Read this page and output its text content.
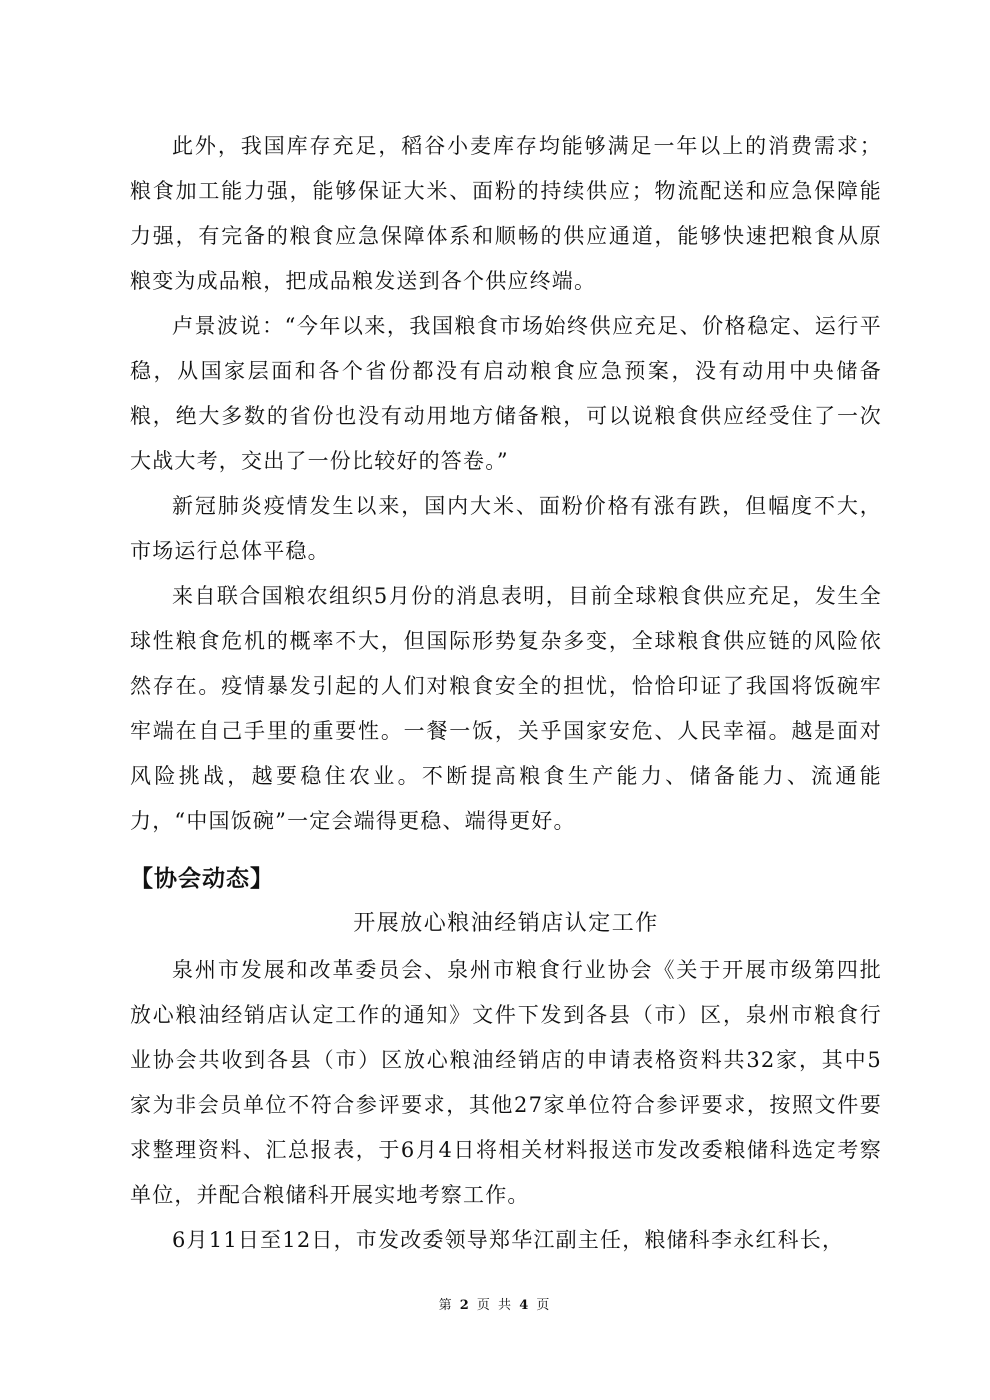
此外，我国库存充足，稻谷小麦库存均能够满足一年以上的消费需求；粮食加工能力强，能够保证大米、面粉的持续供应；物流配送和应急保障能力强，有完备的粮食应急保障体系和顺畅的供应通道，能够快速把粮食从原粮变为成品粮，把成品粮发送到各个供应终端。

卢景波说：“今年以来，我国粮食市场始终供应充足、价格稳定、运行平稳，从国家层面和各个省份都没有启动粮食应急预案，没有动用中央储备粮，绝大多数的省份也没有动用地方储备粮，可以说粮食供应经受住了一次大战大考，交出了一份比较好的答卷。”

新冠肺炎疫情发生以来，国内大米、面粉价格有涨有跌，但幅度不大，市场运行总体平稳。

来自联合国粮农组织5月份的消息表明，目前全球粮食供应充足，发生全球性粮食危机的概率不大，但国际形势复杂多变，全球粮食供应链的风险依然存在。疫情暴发引起的人们对粮食安全的担忧，恰恰印证了我国将饭碗牢牢端在自己手里的重要性。一餐一饭，关乎国家安危、人民幸福。越是面对风险挑战，越要稳住农业。不断提高粮食生产能力、储备能力、流通能力，“中国饭碗”一定会端得更稳、端得更好。

【协会动态】
开展放心粮油经销店认定工作

泉州市发展和改革委员会、泉州市粮食行业协会《关于开展市级第四批放心粮油经销店认定工作的通知》文件下发到各县（市）区，泉州市粮食行业协会共收到各县（市）区放心粮油经销店的申请表格资料共32家，其中5家为非会员单位不符合参评要求，其他27家单位符合参评要求，按照文件要求整理资料、汇总报表，于6月4日将相关材料报送市发改委粮储科选定考察单位，并配合粮储科开展实地考察工作。

6月11日至12日，市发改委领导郑华江副主任，粮储科李永红科长，

第 2 页 共 4 页
